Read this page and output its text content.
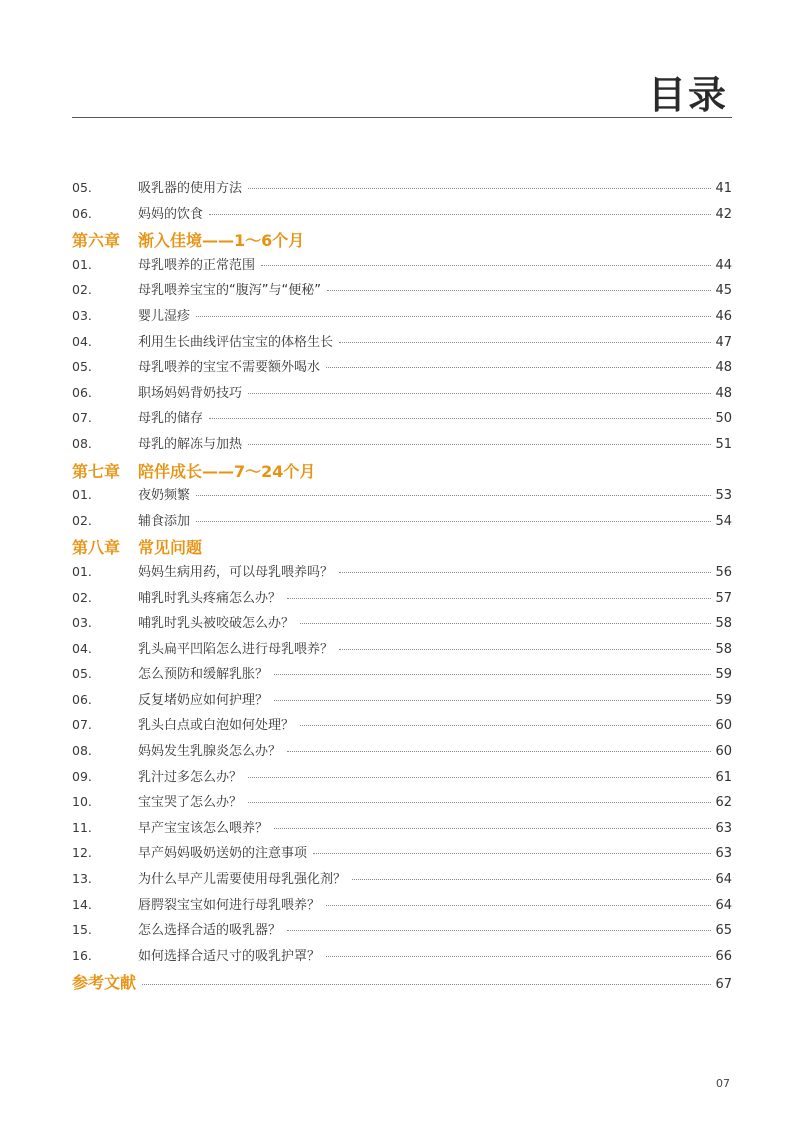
目录
05.	吸乳器的使用方法	41
06.	妈妈的饮食	42
第六章	渐入佳境——1～6个月
01.	母乳喂养的正常范围	44
02.	母乳喂养宝宝的“腹泻”与“便秘”	45
03.	婴儿湿疹	46
04.	利用生长曲线评估宝宝的体格生长	47
05.	母乳喂养的宝宝不需要额外喝水	48
06.	职场妈妈背奶技巧	48
07.	母乳的储存	50
08.	母乳的解冻与加热	51
第七章	陪伴成长——7～24个月
01.	夜奶频繁	53
02.	辅食添加	54
第八章	常见问题
01.	妈妈生病用药，可以母乳喂养吗？	56
02.	哺乳时乳头疼痛怎么办？	57
03.	哺乳时乳头被咬破怎么办？	58
04.	乳头扁平凹陷怎么进行母乳喂养？	58
05.	怎么预防和缓解乳胀？	59
06.	反复堵奶应如何护理？	59
07.	乳头白点或白泡如何处理？	60
08.	妈妈发生乳腺炎怎么办？	60
09.	乳汁过多怎么办？	61
10.	宝宝哭了怎么办？	62
11.	早产宝宝该怎么喂养？	63
12.	早产妈妈吸奶送奶的注意事项	63
13.	为什么早产儿需要使用母乳强化剂？	64
14.	唇腭裂宝宝如何进行母乳喂养？	64
15.	怎么选择合适的吸乳器？	65
16.	如何选择合适尺寸的吸乳护罩？	66
参考文献	67
07
